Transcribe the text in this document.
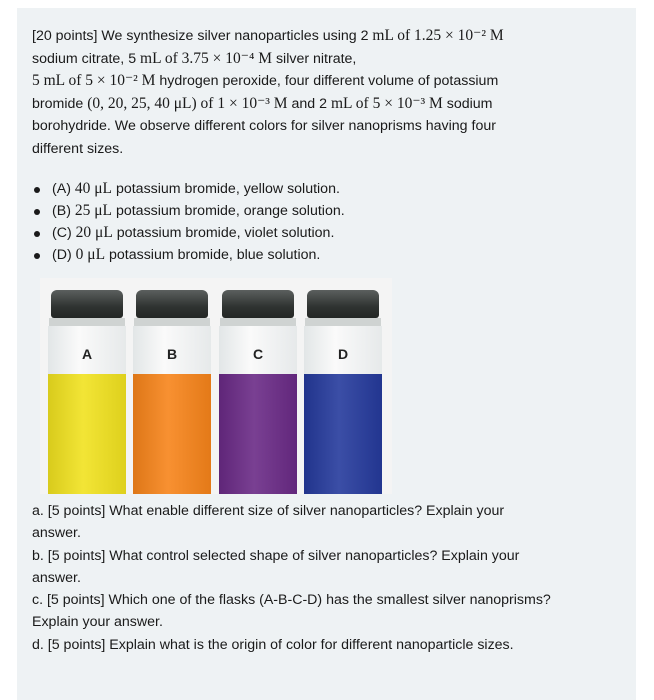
[20 points] We synthesize silver nanoparticles using 2 mL of 1.25 × 10⁻² M

sodium citrate, 5 mL of 3.75 × 10⁻⁴ M silver nitrate,

5 mL of 5 × 10⁻² M hydrogen peroxide, four different volume of potassium

bromide (0, 20, 25, 40 μL) of 1 × 10⁻³ M and 2 mL of 5 × 10⁻³ M sodium

borohydride. We observe different colors for silver nanoprisms having four

different sizes.

(A) 40 μL potassium bromide, yellow solution.
(B) 25 μL potassium bromide, orange solution.
(C) 20 μL potassium bromide, violet solution.
(D) 0 μL potassium bromide, blue solution.
A	B	C	D

a. [5 points] What enable different size of silver nanoparticles? Explain your

answer.

b. [5 points] What control selected shape of silver nanoparticles? Explain your

answer.

c. [5 points] Which one of the flasks (A-B-C-D) has the smallest silver nanoprisms?

Explain your answer.

d. [5 points] Explain what is the origin of color for different nanoparticle sizes.
